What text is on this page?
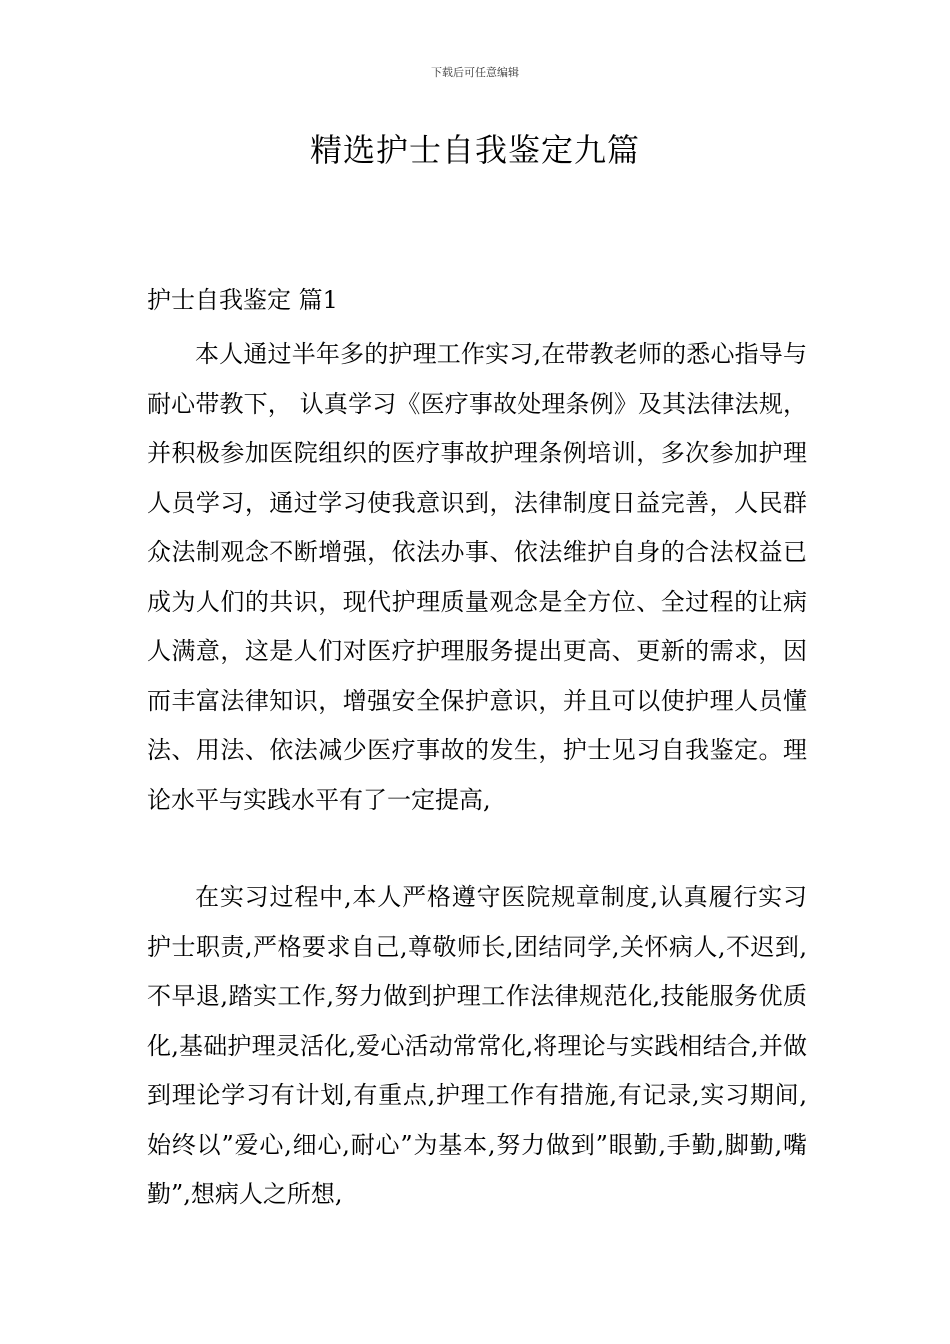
下载后可任意编辑
精选护士自我鉴定九篇
护士自我鉴定 篇1

本人通过半年多的护理工作实习,在带教老师的悉心指导与耐心带教下， 认真学习《医疗事故处理条例》及其法律法规，并积极参加医院组织的医疗事故护理条例培训，多次参加护理人员学习，通过学习使我意识到，法律制度日益完善，人民群众法制观念不断增强，依法办事、依法维护自身的合法权益已成为人们的共识，现代护理质量观念是全方位、全过程的让病人满意，这是人们对医疗护理服务提出更高、更新的需求，因而丰富法律知识，增强安全保护意识，并且可以使护理人员懂法、用法、依法减少医疗事故的发生，护士见习自我鉴定。理论水平与实践水平有了一定提高,

在实习过程中,本人严格遵守医院规章制度,认真履行实习护士职责,严格要求自己,尊敬师长,团结同学,关怀病人,不迟到,不早退,踏实工作,努力做到护理工作法律规范化,技能服务优质化,基础护理灵活化,爱心活动常常化,将理论与实践相结合,并做到理论学习有计划,有重点,护理工作有措施,有记录,实习期间,始终以”爱心,细心,耐心”为基本,努力做到”眼勤,手勤,脚勤,嘴勤”,想病人之所想,
